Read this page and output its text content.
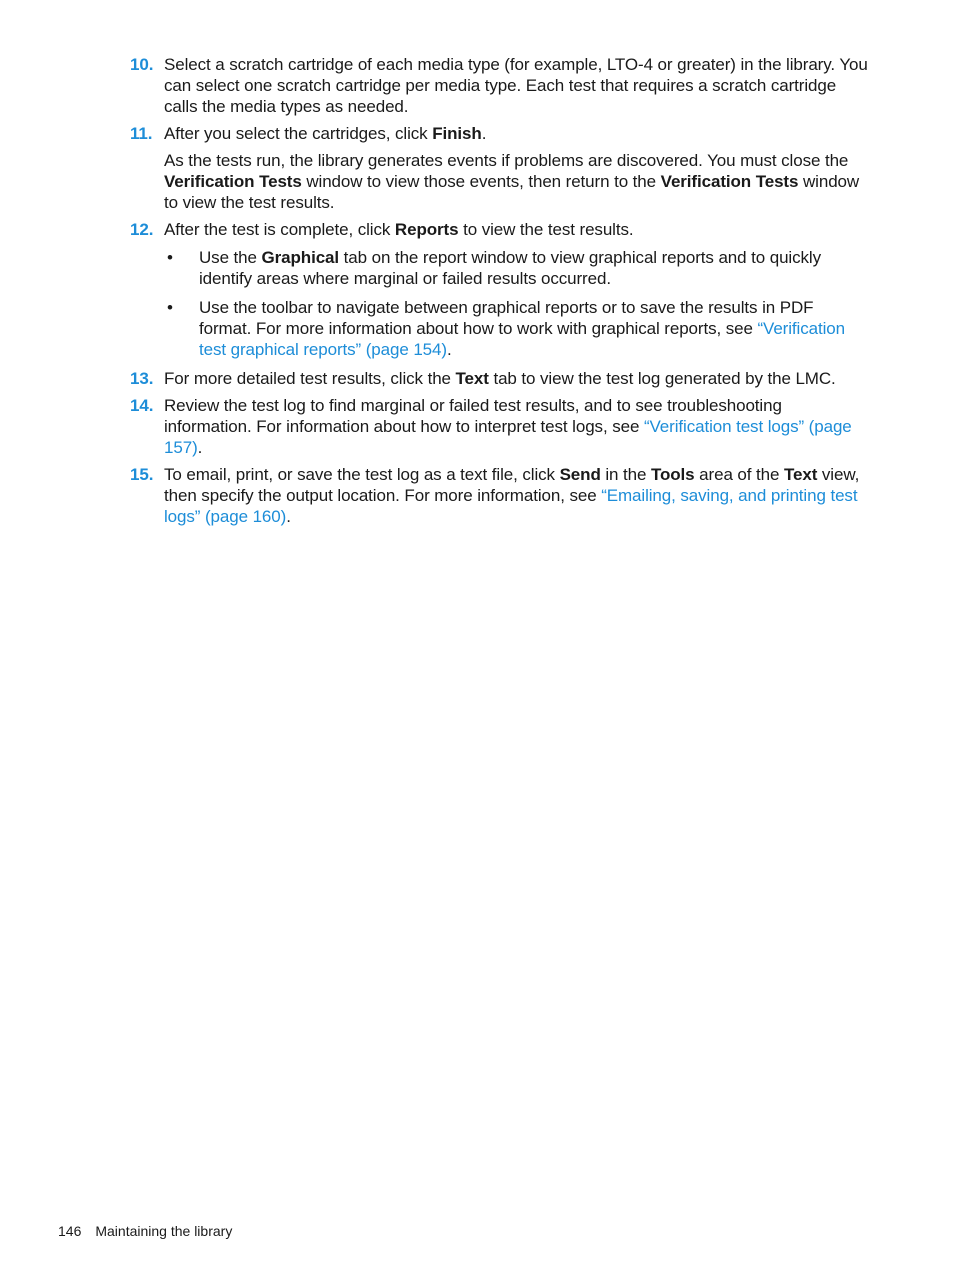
10. Select a scratch cartridge of each media type (for example, LTO-4 or greater) in the library. You can select one scratch cartridge per media type. Each test that requires a scratch cartridge calls the media types as needed.

11. After you select the cartridges, click Finish.

As the tests run, the library generates events if problems are discovered. You must close the Verification Tests window to view those events, then return to the Verification Tests window to view the test results.

12. After the test is complete, click Reports to view the test results.

• Use the Graphical tab on the report window to view graphical reports and to quickly identify areas where marginal or failed results occurred.
• Use the toolbar to navigate between graphical reports or to save the results in PDF format. For more information about how to work with graphical reports, see “Verification test graphical reports” (page 154).
13. For more detailed test results, click the Text tab to view the test log generated by the LMC.

14. Review the test log to find marginal or failed test results, and to see troubleshooting information. For information about how to interpret test logs, see “Verification test logs” (page 157).

15. To email, print, or save the test log as a text file, click Send in the Tools area of the Text view, then specify the output location. For more information, see “Emailing, saving, and printing test logs” (page 160).

146 Maintaining the library
